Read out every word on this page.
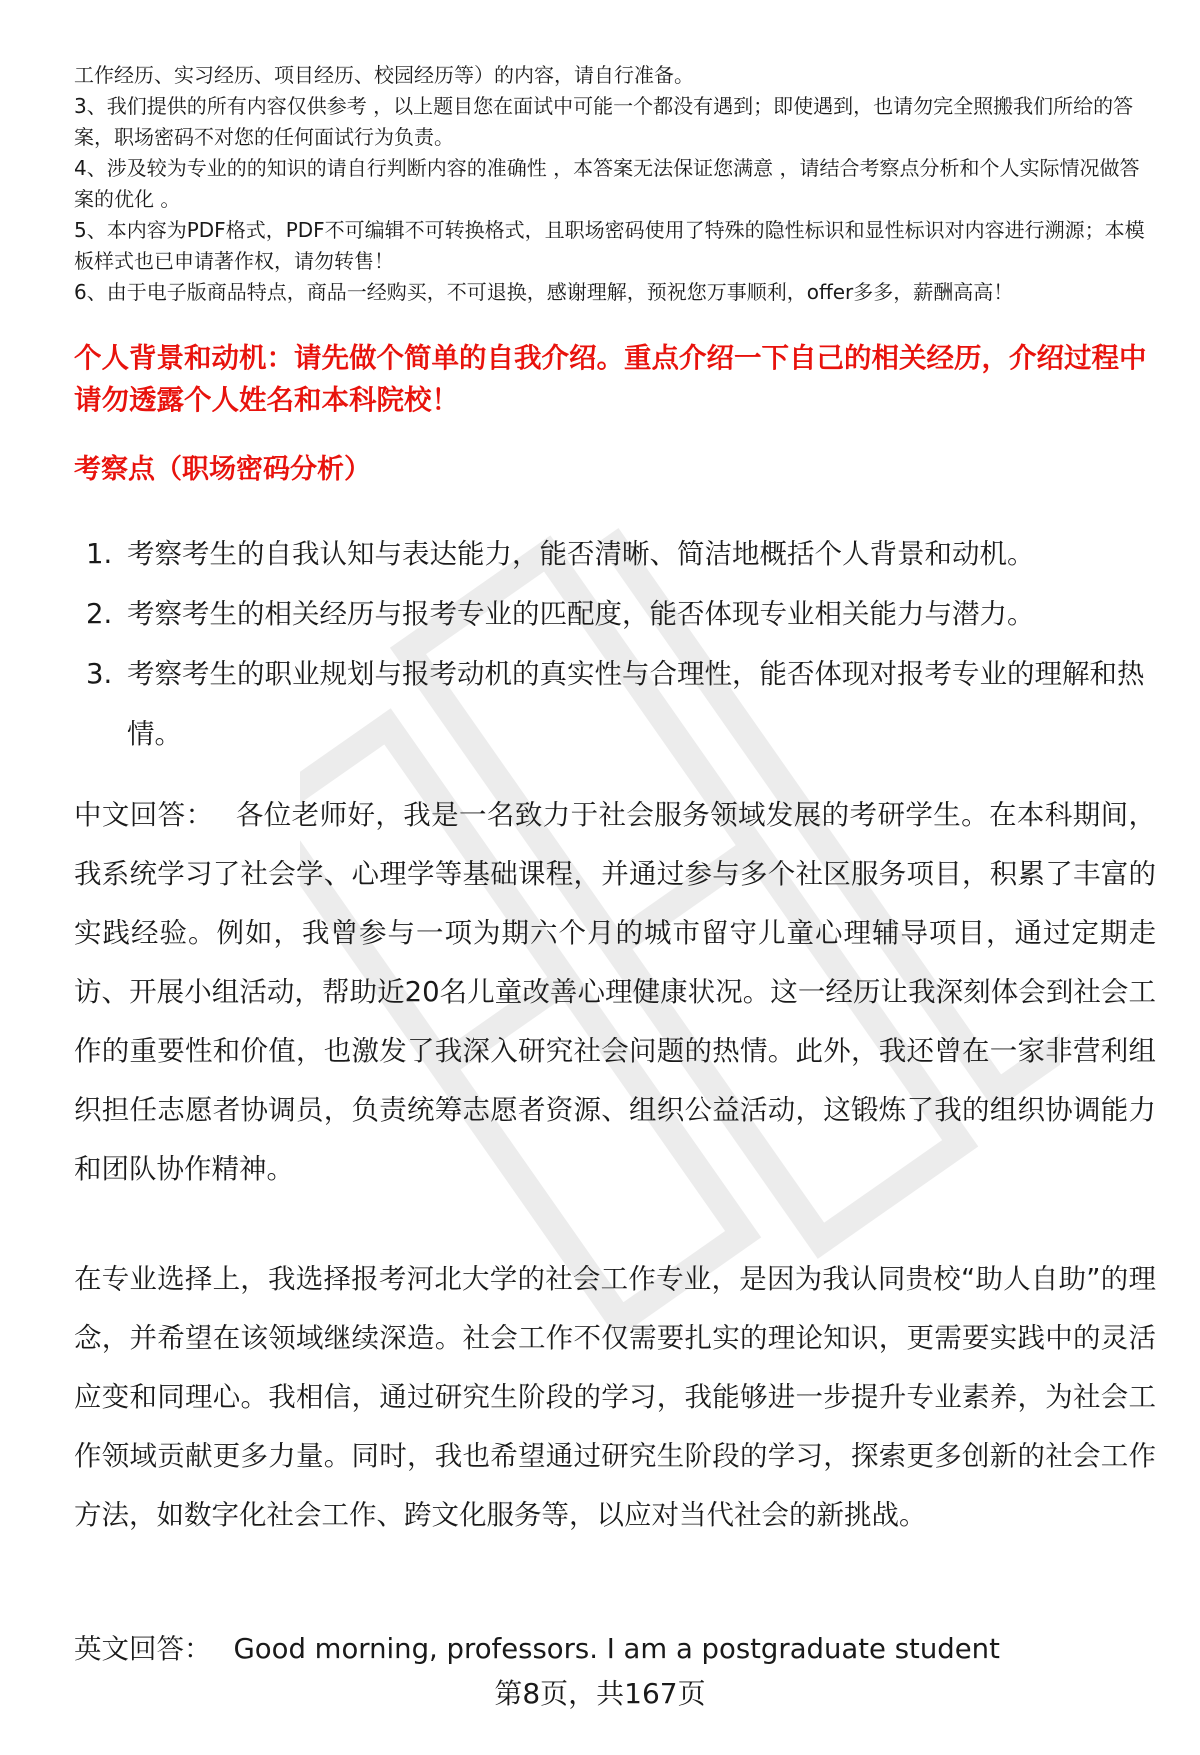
工作经历、实习经历、项目经历、校园经历等）的内容，请自行准备。

3、我们提供的所有内容仅供参考 ，以上题目您在面试中可能一个都没有遇到；即使遇到，也请勿完全照搬我们所给的答案，职场密码不对您的任何面试行为负责。

4、涉及较为专业的的知识的请自行判断内容的准确性 ，本答案无法保证您满意 ，请结合考察点分析和个人实际情况做答案的优化 。

5、本内容为PDF格式，PDF不可编辑不可转换格式，且职场密码使用了特殊的隐性标识和显性标识对内容进行溯源；本模板样式也已申请著作权，请勿转售！

6、由于电子版商品特点，商品一经购买，不可退换，感谢理解，预祝您万事顺利，offer多多，薪酬高高！

个人背景和动机：请先做个简单的自我介绍。重点介绍一下自己的相关经历，介绍过程中请勿透露个人姓名和本科院校！
考察点（职场密码分析）
1. 考察考生的自我认知与表达能力，能否清晰、简洁地概括个人背景和动机。
2. 考察考生的相关经历与报考专业的匹配度，能否体现专业相关能力与潜力。
3. 考察考生的职业规划与报考动机的真实性与合理性，能否体现对报考专业的理解和热情。

中文回答： 各位老师好，我是一名致力于社会服务领域发展的考研学生。在本科期间，我系统学习了社会学、心理学等基础课程，并通过参与多个社区服务项目，积累了丰富的实践经验。例如，我曾参与一项为期六个月的城市留守儿童心理辅导项目，通过定期走访、开展小组活动，帮助近20名儿童改善心理健康状况。这一经历让我深刻体会到社会工作的重要性和价值，也激发了我深入研究社会问题的热情。此外，我还曾在一家非营利组织担任志愿者协调员，负责统筹志愿者资源、组织公益活动，这锻炼了我的组织协调能力和团队协作精神。

在专业选择上，我选择报考河北大学的社会工作专业，是因为我认同贵校“助人自助”的理念，并希望在该领域继续深造。社会工作不仅需要扎实的理论知识，更需要实践中的灵活应变和同理心。我相信，通过研究生阶段的学习，我能够进一步提升专业素养，为社会工作领域贡献更多力量。同时，我也希望通过研究生阶段的学习，探索更多创新的社会工作方法，如数字化社会工作、跨文化服务等，以应对当代社会的新挑战。

英文回答： Good morning, professors. I am a postgraduate student

第8页，共167页
